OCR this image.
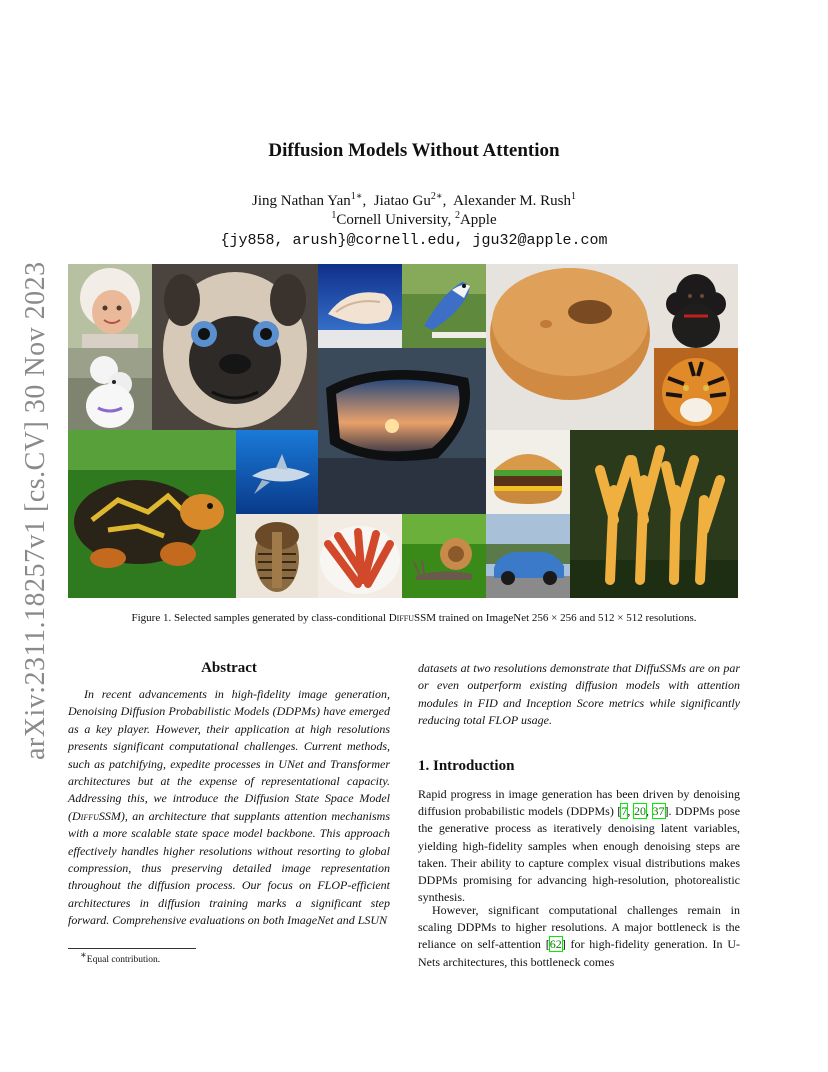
arXiv:2311.18257v1 [cs.CV] 30 Nov 2023
Diffusion Models Without Attention
Jing Nathan Yan$^{1∗}$,  Jiatao $Gu^{2∗}$,  Alexander M. Rush$^1$
$^1$Cornell University, $^2$Apple
{jy858, arush}@cornell.edu, jgu32@apple.com
Figure 1. Selected samples generated by class-conditional DiffuSSM trained on ImageNet 256 × 256 and 512 × 512 resolutions.
Abstract
In recent advancements in high-fidelity image generation, Denoising Diffusion Probabilistic Models (DDPMs) have emerged as a key player. However, their application at high resolutions presents significant computational challenges. Current methods, such as patchifying, expedite processes in UNet and Transformer architectures but at the expense of representational capacity. Addressing this, we introduce the Diffusion State Space Model (DiffuSSM), an architecture that supplants attention mechanisms with a more scalable state space model backbone. This approach effectively handles higher resolutions without resorting to global compression, thus preserving detailed image representation throughout the diffusion process. Our focus on FLOP-efficient architectures in diffusion training marks a significant step forward. Comprehensive evaluations on both ImageNet and LSUN
∗Equal contribution.
datasets at two resolutions demonstrate that DiffuSSMs are on par or even outperform existing diffusion models with attention modules in FID and Inception Score metrics while significantly reducing total FLOP usage.
1. Introduction
Rapid progress in image generation has been driven by denoising diffusion probabilistic models (DDPMs) [7, 20, 37]. DDPMs pose the generative process as iteratively denoising latent variables, yielding high-fidelity samples when enough denoising steps are taken. Their ability to capture complex visual distributions makes DDPMs promising for advancing high-resolution, photorealistic synthesis.
However, significant computational challenges remain in scaling DDPMs to higher resolutions. A major bottleneck is the reliance on self-attention [62] for high-fidelity generation. In U-Nets architectures, this bottleneck comes
